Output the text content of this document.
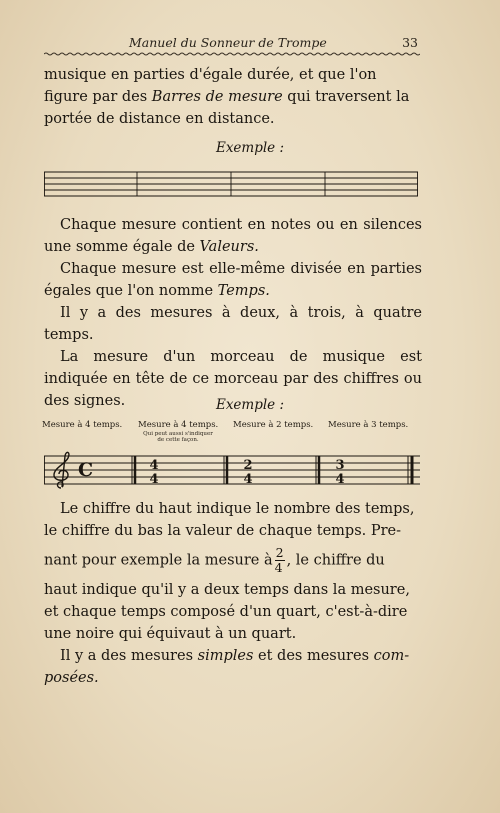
Manuel du Sonneur de Trompe	33

musique en parties d'égale durée, et que l'on
figure par des Barres de mesure qui traversent la
portée de distance en distance.

Exemple :

Chaque mesure contient en notes ou en silences une somme égale de Valeurs.

Chaque mesure est elle-même divisée en parties égales que l'on nomme Temps.

Il y a des mesures à deux, à trois, à quatre temps.

La mesure d'un morceau de musique est indiquée en tête de ce morceau par des chiffres ou des signes.	Exemple :
Mesure à 4 temps. Mesure à 4 temps. Mesure à 2 temps. Mesure à 3 temps.
Qui peut aussi s'indiquer
de cette façon.
C	4
4
2
4
3
4

Le chiffre du haut indique le nombre des temps,

le chiffre du bas la valeur de chaque temps. Pre-

nant pour exemple la mesure à $\frac{2}{4}$ , le chiffre du

haut indique qu'il y a deux temps dans la mesure,

et chaque temps composé d'un quart, c'est-à-dire

une noire qui équivaut à un quart.

Il y a des mesures simples et des mesures com-
posées.
